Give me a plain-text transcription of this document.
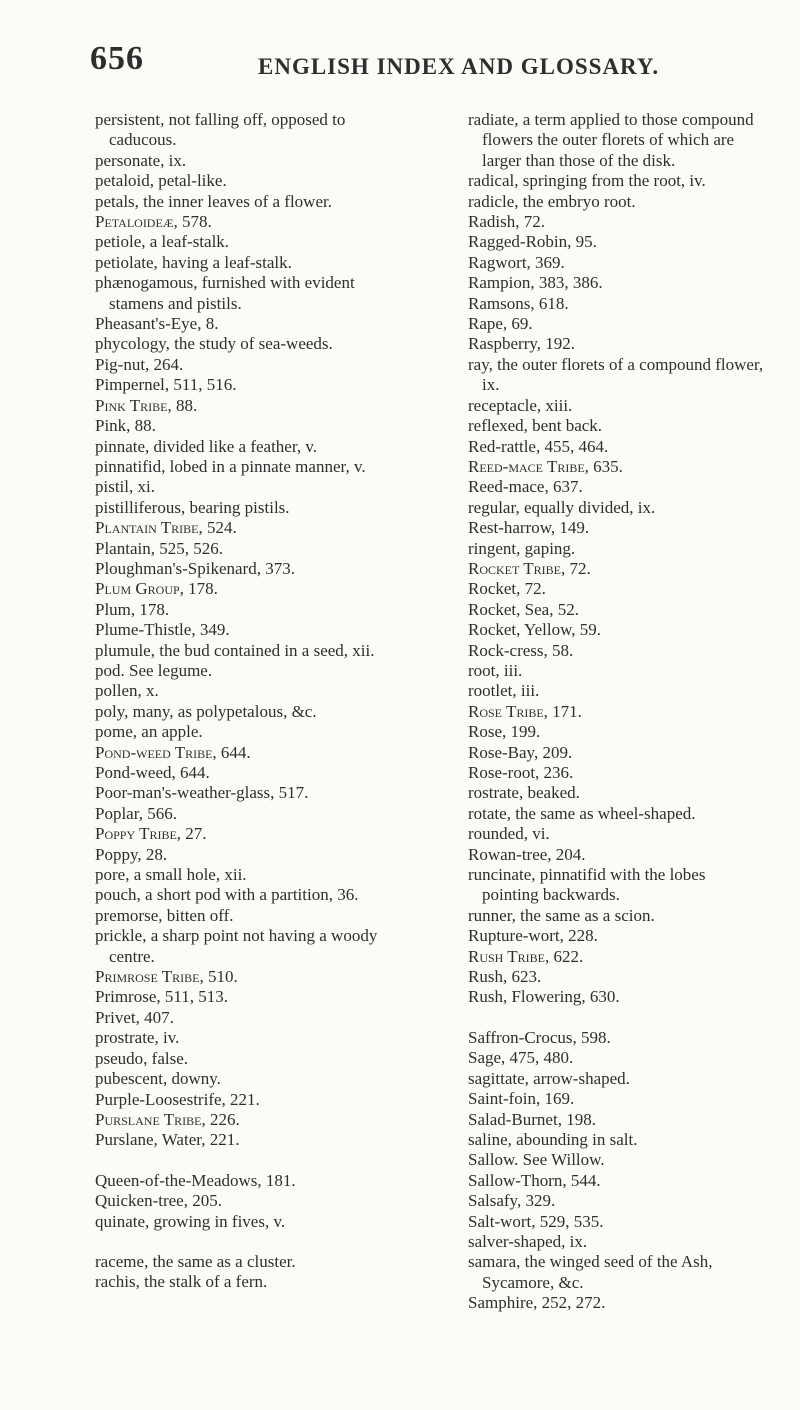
656	ENGLISH INDEX AND GLOSSARY.

persistent, not falling off, opposed to caducous.

personate, ix.

petaloid, petal-like.

petals, the inner leaves of a flower.

Petaloideæ, 578.

petiole, a leaf-stalk.

petiolate, having a leaf-stalk.

phænogamous, furnished with evident stamens and pistils.

Pheasant's-Eye, 8.

phycology, the study of sea-weeds.

Pig-nut, 264.

Pimpernel, 511, 516.

Pink Tribe, 88.

Pink, 88.

pinnate, divided like a feather, v.

pinnatifid, lobed in a pinnate manner, v.

pistil, xi.

pistilliferous, bearing pistils.

Plantain Tribe, 524.

Plantain, 525, 526.

Ploughman's-Spikenard, 373.

Plum Group, 178.

Plum, 178.

Plume-Thistle, 349.

plumule, the bud contained in a seed, xii.

pod. See legume.

pollen, x.

poly, many, as polypetalous, &c.

pome, an apple.

Pond-weed Tribe, 644.

Pond-weed, 644.

Poor-man's-weather-glass, 517.

Poplar, 566.

Poppy Tribe, 27.

Poppy, 28.

pore, a small hole, xii.

pouch, a short pod with a partition, 36.

premorse, bitten off.

prickle, a sharp point not having a woody centre.

Primrose Tribe, 510.

Primrose, 511, 513.

Privet, 407.

prostrate, iv.

pseudo, false.

pubescent, downy.

Purple-Loosestrife, 221.

Purslane Tribe, 226.

Purslane, Water, 221.

Queen-of-the-Meadows, 181.

Quicken-tree, 205.

quinate, growing in fives, v.

raceme, the same as a cluster.

rachis, the stalk of a fern.

radiate, a term applied to those compound flowers the outer florets of which are larger than those of the disk.

radical, springing from the root, iv.

radicle, the embryo root.

Radish, 72.

Ragged-Robin, 95.

Ragwort, 369.

Rampion, 383, 386.

Ramsons, 618.

Rape, 69.

Raspberry, 192.

ray, the outer florets of a compound flower, ix.

receptacle, xiii.

reflexed, bent back.

Red-rattle, 455, 464.

Reed-mace Tribe, 635.

Reed-mace, 637.

regular, equally divided, ix.

Rest-harrow, 149.

ringent, gaping.

Rocket Tribe, 72.

Rocket, 72.

Rocket, Sea, 52.

Rocket, Yellow, 59.

Rock-cress, 58.

root, iii.

rootlet, iii.

Rose Tribe, 171.

Rose, 199.

Rose-Bay, 209.

Rose-root, 236.

rostrate, beaked.

rotate, the same as wheel-shaped.

rounded, vi.

Rowan-tree, 204.

runcinate, pinnatifid with the lobes pointing backwards.

runner, the same as a scion.

Rupture-wort, 228.

Rush Tribe, 622.

Rush, 623.

Rush, Flowering, 630.

Saffron-Crocus, 598.

Sage, 475, 480.

sagittate, arrow-shaped.

Saint-foin, 169.

Salad-Burnet, 198.

saline, abounding in salt.

Sallow. See Willow.

Sallow-Thorn, 544.

Salsafy, 329.

Salt-wort, 529, 535.

salver-shaped, ix.

samara, the winged seed of the Ash, Sycamore, &c.

Samphire, 252, 272.
